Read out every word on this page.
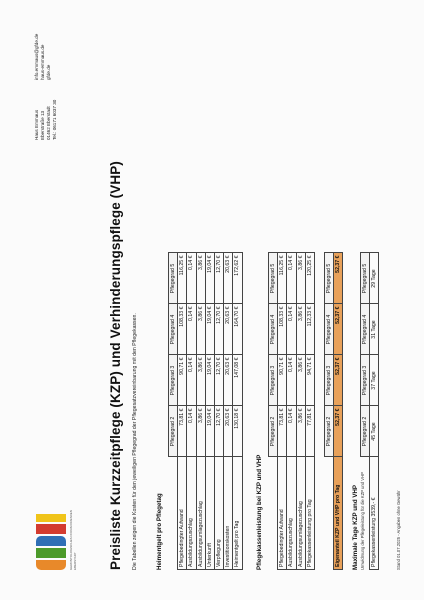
GERONTOLOGISCHES FORUM DRESDEN EBERSTADT
Haus Emmaus Eberstraße 13 01462 Eberstadt Tel.: 06171 6037 30
info.emmaus@gfde.de haus-emmaus.de gfde.de
Preisliste Kurzzeitpflege (KZP) und Verhinderungspflege (VHP) Die Tabellen zeigen die Kosten für den jeweiligen Pflegegrad der Pflegesatzvereinbarung mit den Pflegekassen.	Heimentgelt pro Pflegetag
	Pflegegrad 2	Pflegegrad 3	Pflegegrad 4	Pflegegrad 5
Pflegebedingter Aufwand	73,81 €	90,71 €	108,33 €	116,25 €
Ausbildungszuschlag	0,14 €	0,14 €	0,14 €	0,14 €
Ausbildungsumlagezuschlag	3,86 €	3,86 €	3,86 €	3,86 €
Unterkunft	19,04 €	19,04 €	19,04 €	19,04 €
Verpflegung	12,70 €	12,70 €	12,70 €	12,70 €
Investitionskosten	20,63 €	20,63 €	20,63 €	20,63 €
Heimentgelt pro Tag	130,18 €	147,08 €	164,70 €	172,62 €
Pflegekassenleistung bei KZP und VHP
	Pflegegrad 2	Pflegegrad 3	Pflegegrad 4	Pflegegrad 5
Pflegebedingter Aufwand	73,81 €	90,71 €	108,33 €	116,25 €
Ausbildungszuschlag	0,14 €	0,14 €	0,14 €	0,14 €
Ausbildungsumlagezuschlag	3,86 €	3,86 €	3,86 €	3,86 €
Pflegekassenleistung pro Tag	77,81 €	94,71 €	112,33 €	120,25 €
	Pflegegrad 2	Pflegegrad 3	Pflegegrad 4	Pflegegrad 5
Eigenanteil KZP und VHP pro Tag	52,37 €	52,37 €	52,37 €	52,37 €
Maximale Tage KZP und VHP Umwidmung der Pflegeleistung für die KZP und VHP
	Pflegegrad 2	Pflegegrad 3	Pflegegrad 4	Pflegegrad 5
Pflegekassenleistung 3539,- €	45 Tage	37 Tage	31 Tage	29 Tage
Stand 01.07.2025 - Angaben ohne Gewähr
